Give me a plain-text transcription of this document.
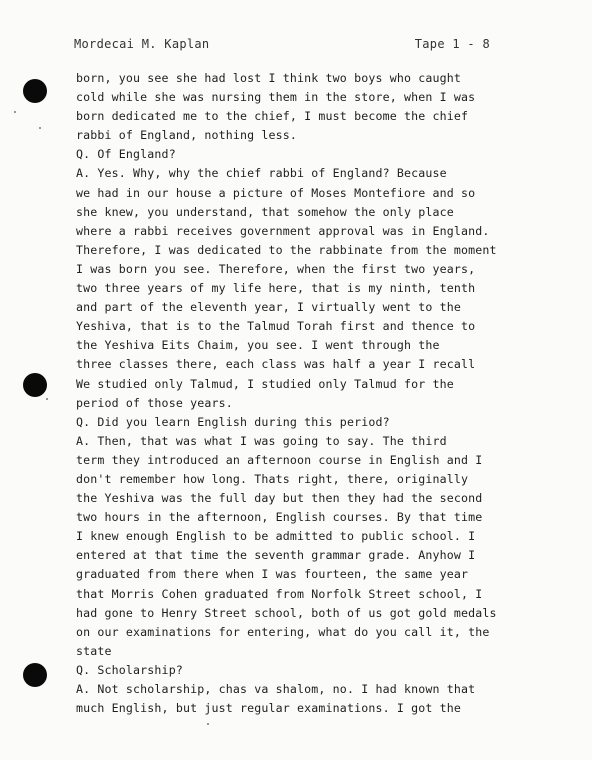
Mordecai M. Kaplan	Tape 1 - 8
born, you see she had lost I think two boys who caught
cold while she was nursing them in the store, when I was
born dedicated me to the chief, I must become the chief
rabbi of England, nothing less.
Q. Of England?
A. Yes. Why, why the chief rabbi of England? Because
we had in our house a picture of Moses Montefiore and so
she knew, you understand, that somehow the only place
where a rabbi receives government approval was in England.
Therefore, I was dedicated to the rabbinate from the moment
I was born you see. Therefore, when the first two years,
two three years of my life here, that is my ninth, tenth
and part of the eleventh year, I virtually went to the
Yeshiva, that is to the Talmud Torah first and thence to
the Yeshiva Eits Chaim, you see. I went through the
three classes there, each class was half a year I recall
We studied only Talmud, I studied only Talmud for the
period of those years.
Q. Did you learn English during this period?
A. Then, that was what I was going to say. The third
term they introduced an afternoon course in English and I
don't remember how long. Thats right, there, originally
the Yeshiva was the full day but then they had the second
two hours in the afternoon, English courses. By that time
I knew enough English to be admitted to public school. I
entered at that time the seventh grammar grade. Anyhow I
graduated from there when I was fourteen, the same year
that Morris Cohen graduated from Norfolk Street school, I
had gone to Henry Street school, both of us got gold medals
on our examinations for entering, what do you call it, the
state
Q. Scholarship?
A. Not scholarship, chas va shalom, no. I had known that
much English, but just regular examinations. I got the
